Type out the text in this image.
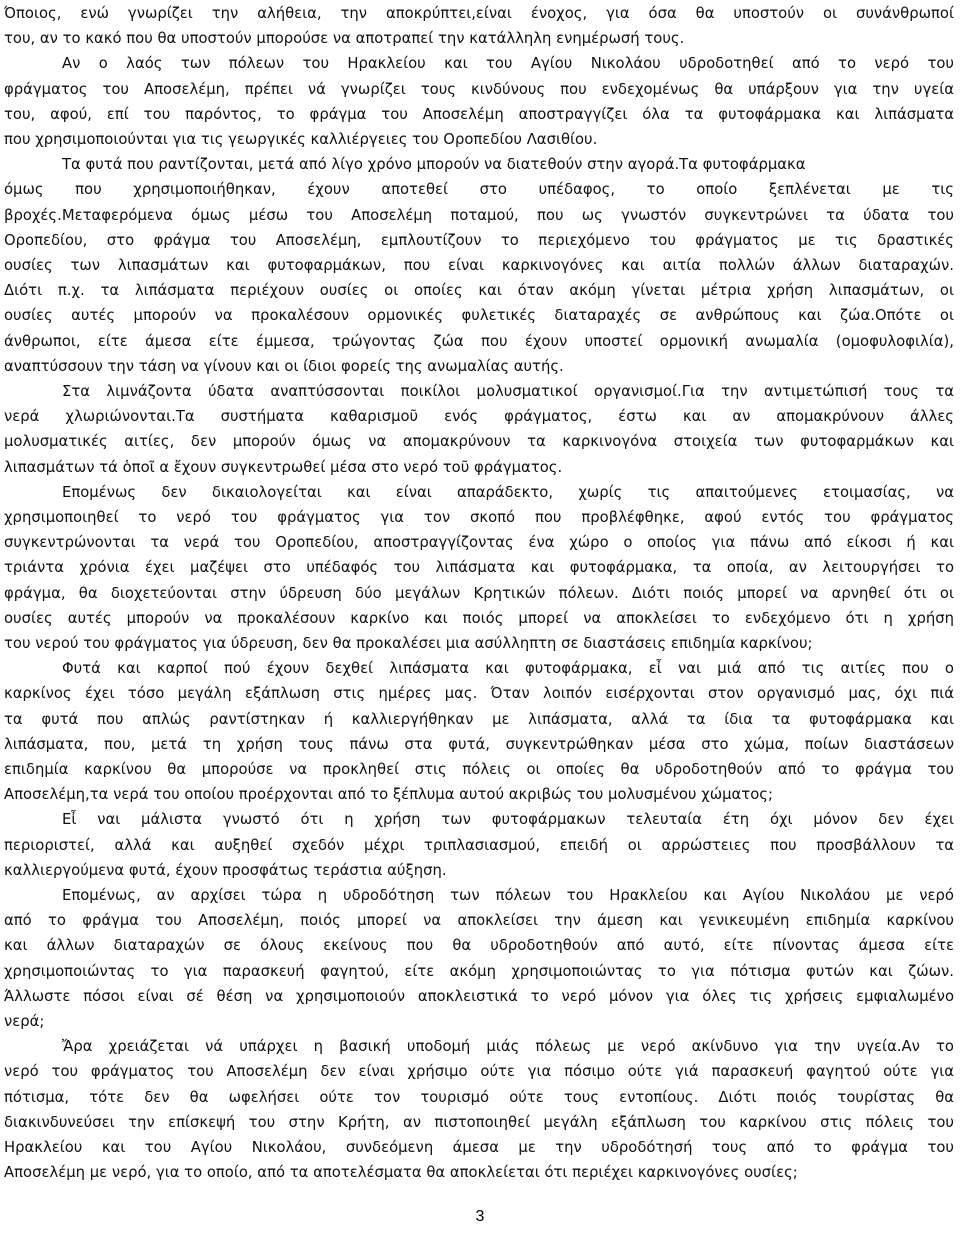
Όποιος, ενώ γνωρίζει την αλήθεια, την αποκρύπτει,είναι ένοχος, για όσα θα υποστούν οι συνάνθρωποί
του, αν το κακό που θα υποστούν μπορούσε να αποτραπεί την κατάλληλη ενημέρωσή τους.
Αν ο λαός των πόλεων του Ηρακλείου και του Αγίου Νικολάου υδροδοτηθεί από το νερό του
φράγματος του Αποσελέμη, πρέπει νά γνωρίζει τους κινδύνους που ενδεχομένως θα υπάρξουν για την υγεία
του, αφού, επί του παρόντος, το φράγμα του Αποσελέμη αποστραγγίζει όλα τα φυτοφάρμακα και λιπάσματα
που χρησιμοποιούνται για τις γεωργικές καλλιέργειες του Οροπεδίου Λασιθίου.
Τα φυτά που ραντίζονται, μετά από λίγο χρόνο μπορούν να διατεθούν στην αγορά.Τα φυτοφάρμακα
όμως που χρησιμοποιήθηκαν, έχουν αποτεθεί στο υπέδαφος, το οποίο ξεπλένεται με τις
βροχές.Μεταφερόμενα όμως μέσω του Αποσελέμη ποταμού, που ως γνωστόν συγκεντρώνει τα ύδατα του
Οροπεδίου, στο φράγμα του Αποσελέμη, εμπλουτίζουν το περιεχόμενο του φράγματος με τις δραστικές
ουσίες των λιπασμάτων και φυτοφαρμάκων, που είναι καρκινογόνες και αιτία πολλών άλλων διαταραχών.
Διότι π.χ. τα λιπάσματα περιέχουν ουσίες οι οποίες και όταν ακόμη γίνεται μέτρια χρήση λιπασμάτων, οι
ουσίες αυτές μπορούν να προκαλέσουν ορμονικές φυλετικές διαταραχές σε ανθρώπους και ζώα.Οπότε οι
άνθρωποι, είτε άμεσα είτε έμμεσα, τρώγοντας ζώα που έχουν υποστεί ορμονική ανωμαλία (ομοφυλοφιλία),
αναπτύσσουν την τάση να γίνουν και οι ίδιοι φορείς της ανωμαλίας αυτής.
Στα λιμνάζοντα ύδατα αναπτύσσονται ποικίλοι μολυσματικοί οργανισμοί.Για την αντιμετώπισή τους τα
νερά χλωριώνονται.Τα συστήματα καθαρισμοῦ ενός φράγματος, έστω και αν απομακρύνουν άλλες
μολυσματικές αιτίες, δεν μπορούν όμως να απομακρύνουν τα καρκινογόνα στοιχεία των φυτοφαρμάκων και
λιπασμάτων τά ὁποῖ α ἔχουν συγκεντρωθεί μέσα στο νερό τοῦ φράγματος.
Επομένως δεν δικαιολογείται και είναι απαράδεκτο, χωρίς τις απαιτούμενες ετοιμασίας, να
χρησιμοποιηθεί το νερό του φράγματος για τον σκοπό που προβλέφθηκε, αφού εντός του φράγματος
συγκεντρώνονται τα νερά του Οροπεδίου, αποστραγγίζοντας ένα χώρο ο οποίος για πάνω από είκοσι ή και
τριάντα χρόνια έχει μαζέψει στο υπέδαφός του λιπάσματα και φυτοφάρμακα, τα οποία, αν λειτουργήσει το
φράγμα, θα διοχετεύονται στην ύδρευση δύο μεγάλων Κρητικών πόλεων. Διότι ποιός μπορεί να αρνηθεί ότι οι
ουσίες αυτές μπορούν να προκαλέσουν καρκίνο και ποιός μπορεί να αποκλείσει το ενδεχόμενο ότι η χρήση
του νερού του φράγματος για ύδρευση, δεν θα προκαλέσει μια ασύλληπτη σε διαστάσεις επιδημία καρκίνου;
Φυτά και καρποί πού έχουν δεχθεί λιπάσματα και φυτοφάρμακα, εἶ ναι μιά από τις αιτίες που ο
καρκίνος έχει τόσο μεγάλη εξάπλωση στις ημέρες μας. Όταν λοιπόν εισέρχονται στον οργανισμό μας, όχι πιά
τα φυτά που απλώς ραντίστηκαν ή καλλιεργήθηκαν με λιπάσματα, αλλά τα ίδια τα φυτοφάρμακα και
λιπάσματα, που, μετά τη χρήση τους πάνω στα φυτά, συγκεντρώθηκαν μέσα στο χώμα, ποίων διαστάσεων
επιδημία καρκίνου θα μπορούσε να προκληθεί στις πόλεις οι οποίες θα υδροδοτηθούν από το φράγμα του
Αποσελέμη,τα νερά του οποίου προέρχονται από το ξέπλυμα αυτού ακριβώς του μολυσμένου χώματος;
Εἶ ναι μάλιστα γνωστό ότι η χρήση των φυτοφάρμακων τελευταία έτη όχι μόνον δεν έχει
περιοριστεί, αλλά και αυξηθεί σχεδόν μέχρι τριπλασιασμού, επειδή οι αρρώστειες που προσβάλλουν τα
καλλιεργούμενα φυτά, έχουν προσφάτως τεράστια αύξηση.
Επομένως, αν αρχίσει τώρα η υδροδότηση των πόλεων του Ηρακλείου και Αγίου Νικολάου με νερό
από το φράγμα του Αποσελέμη, ποιός μπορεί να αποκλείσει την άμεση και γενικευμένη επιδημία καρκίνου
και άλλων διαταραχών σε όλους εκείνους που θα υδροδοτηθούν από αυτό, είτε πίνοντας άμεσα είτε
χρησιμοποιώντας το για παρασκευή φαγητού, είτε ακόμη χρησιμοποιώντας το για πότισμα φυτών και ζώων.
Άλλωστε πόσοι είναι σέ θέση να χρησιμοποιούν αποκλειστικά το νερό μόνον για όλες τις χρήσεις εμφιαλωμένο
νερά;
Ἄρα χρειάζεται νά υπάρχει η βασική υποδομή μιάς πόλεως με νερό ακίνδυνο για την υγεία.Αν το
νερό του φράγματος του Αποσελέμη δεν είναι χρήσιμο ούτε για πόσιμο ούτε γιά παρασκευή φαγητού ούτε για
πότισμα, τότε δεν θα ωφελήσει ούτε τον τουρισμό ούτε τους εντοπίους. Διότι ποιός τουρίστας θα
διακινδυνεύσει την επίσκεψή του στην Κρήτη, αν πιστοποιηθεί μεγάλη εξάπλωση του καρκίνου στις πόλεις του
Ηρακλείου και του Αγίου Νικολάου, συνδεόμενη άμεσα με την υδροδότησή τους από το φράγμα του
Αποσελέμη με νερό, για το οποίο, από τα αποτελέσματα θα αποκλείεται ότι περιέχει καρκινογόνες ουσίες;
3
